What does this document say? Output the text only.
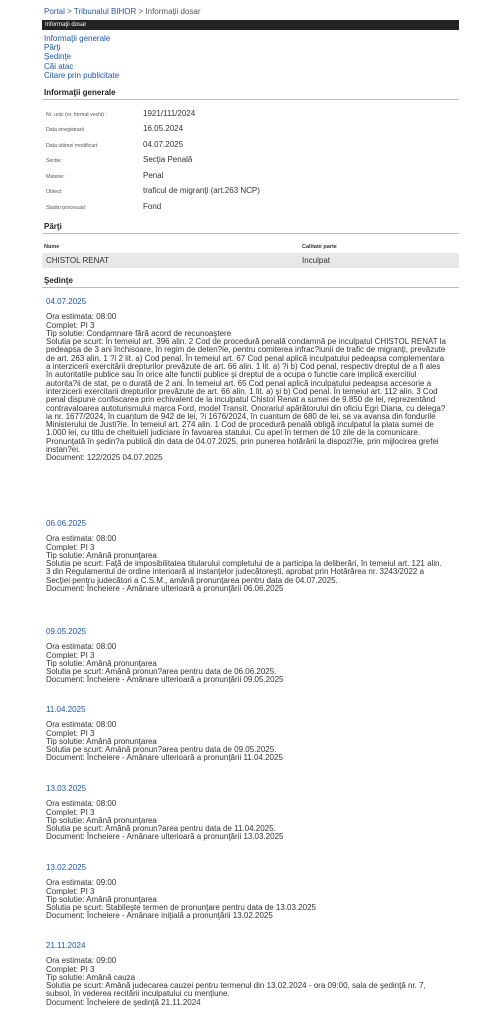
Portal > Tribunalul BIHOR > Informaţii dosar
Informaţii dosar
Informaţii generale
Părţi
Şedinţe
Căi atac
Citare prin publicitate
Informaţii generale
Nr. unic (nr. format vechi) :	1921/111/2024
Data inregistrarii	16.05.2024
Data ultimei modificari:	04.07.2025
Sectie:	Secţia Penală
Materie:	Penal
Obiect:	traficul de migranţi (art.263 NCP)
Stadiu procesual:	Fond
Părţi
Nume	Calitate parte
CHISTOL RENAT	Inculpat
Şedinţe
04.07.2025
Ora estimata: 08:00
Complet: PI 3
Tip solutie: Condamnare fără acord de recunoaştere
Solutia pe scurt: În temeiul art. 396 alin. 2 Cod de procedură penală condamnă pe inculpatul CHISTOL RENAT la pedeapsa de 3 ani închisoare, în regim de deten?ie, pentru comiterea infrac?iunii de trafic de migranţi, prevăzute de art. 263 alin. 1 ?i 2 lit. a) Cod penal. În temeiul art. 67 Cod penal aplică inculpatului pedeapsa complementara a interzicerii exercitării drepturilor prevăzute de art. 66 alin. 1 lit. a) ?i b) Cod penal, respectiv dreptul de a fi ales în autoritatile publice sau în orice alte functii publice şi dreptul de a ocupa o functie care implică exercitiul autorita?ii de stat, pe o durată de 2 ani. În temeiul art. 65 Cod penal aplică inculpatului pedeapsa accesorie a interzicerii exercitarii drepturilor prevăzute de art. 66 alin. 1 lit. a) şi b) Cod penal. În temeiul art. 112 alin. 3 Cod penal dispune confiscarea prin echivalent de la inculpatul Chistol Renat a sumei de 9.850 de lei, reprezentând contravaloarea autoturismului marca Ford, model Transit. Onorariul apărătorului din oficiu Egri Diana, cu delega?ia nr. 1677/2024, în cuantum de 942 de lei, ?i 1676/2024, în cuantum de 680 de lei, se va avansa din fondurile Ministerului de Justi?ie. În temeiul art. 274 alin. 1 Cod de procedură penală obligă inculpatul la plata sumei de 1.000 lei, cu titlu de cheltuieli judiciare în favoarea statului. Cu apel în termen de 10 zile de la comunicare. Pronunţată în şedin?a publică din data de 04.07.2025, prin punerea hotărârii la dispozi?ie, prin mijlocirea grefei instan?ei.
Document: 122/2025 04.07.2025
06.06.2025
Ora estimata: 08:00
Complet: PI 3
Tip solutie: Amână pronunţarea
Solutia pe scurt: Faţă de imposibilitatea titularului completului de a participa la deliberări, în temeiul art. 121 alin. 3 din Regulamentul de ordine interioară al instanţelor judecătoreşti, aprobat prin Hotărârea nr. 3243/2022 a Secţiei pentru judecători a C.S.M., amână pronunţarea pentru data de 04.07.2025.
Document: Încheiere - Amânare ulterioară a pronunţării 06.06.2025
09.05.2025
Ora estimata: 08:00
Complet: PI 3
Tip solutie: Amână pronunţarea
Solutia pe scurt: Amână pronun?area pentru data de 06.06.2025.
Document: Încheiere - Amânare ulterioară a pronunţării 09.05.2025
11.04.2025
Ora estimata: 08:00
Complet: PI 3
Tip solutie: Amână pronunţarea
Solutia pe scurt: Amână pronun?area pentru data de 09.05.2025.
Document: Încheiere - Amânare ulterioară a pronunţării 11.04.2025
13.03.2025
Ora estimata: 08:00
Complet: PI 3
Tip solutie: Amână pronunţarea
Solutia pe scurt: Amână pronun?area pentru data de 11.04.2025.
Document: Încheiere - Amânare ulterioară a pronunţării 13.03.2025
13.02.2025
Ora estimata: 09:00
Complet: PI 3
Tip solutie: Amână pronunţarea
Solutia pe scurt: Stabileşte termen de pronunţare pentru data de 13.03.2025
Document: Încheiere - Amânare iniţială a pronunţării 13.02.2025
21.11.2024
Ora estimata: 09:00
Complet: PI 3
Tip solutie: Amână cauza
Solutia pe scurt: Amână judecarea cauzei pentru termenul din 13.02.2024 - ora 09:00, sala de şedinţă nr. 7, subsol, în vederea recitării inculpatului cu menţiune.
Document: Încheiere de şedinţă 21.11.2024
